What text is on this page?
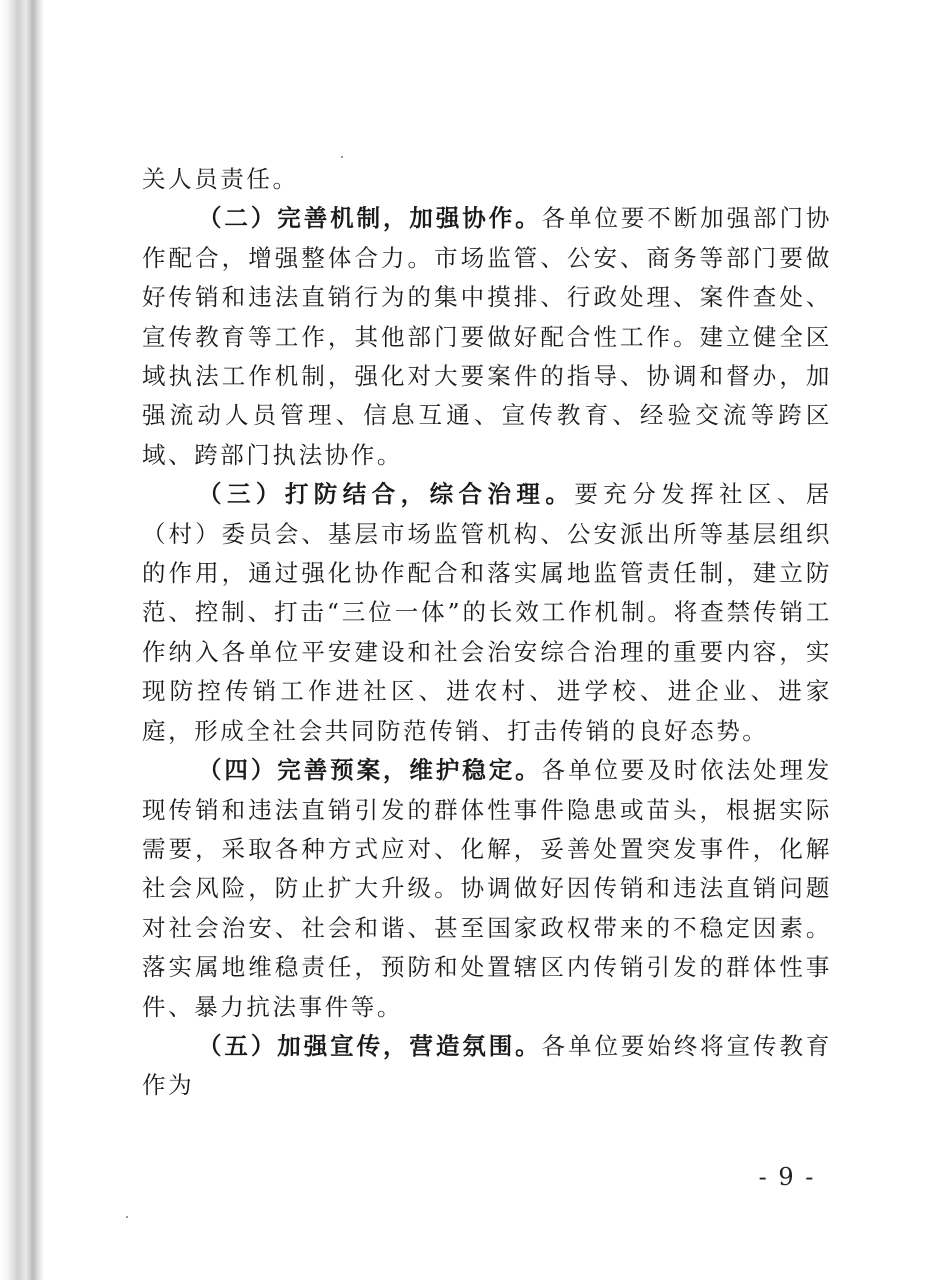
关人员责任。

（二）完善机制，加强协作。各单位要不断加强部门协作配合，增强整体合力。市场监管、公安、商务等部门要做好传销和违法直销行为的集中摸排、行政处理、案件查处、宣传教育等工作，其他部门要做好配合性工作。建立健全区域执法工作机制，强化对大要案件的指导、协调和督办，加强流动人员管理、信息互通、宣传教育、经验交流等跨区域、跨部门执法协作。

（三）打防结合，综合治理。要充分发挥社区、居（村）委员会、基层市场监管机构、公安派出所等基层组织的作用，通过强化协作配合和落实属地监管责任制，建立防范、控制、打击“三位一体”的长效工作机制。将查禁传销工作纳入各单位平安建设和社会治安综合治理的重要内容，实现防控传销工作进社区、进农村、进学校、进企业、进家庭，形成全社会共同防范传销、打击传销的良好态势。

（四）完善预案，维护稳定。各单位要及时依法处理发现传销和违法直销引发的群体性事件隐患或苗头，根据实际需要，采取各种方式应对、化解，妥善处置突发事件，化解社会风险，防止扩大升级。协调做好因传销和违法直销问题对社会治安、社会和谐、甚至国家政权带来的不稳定因素。落实属地维稳责任，预防和处置辖区内传销引发的群体性事件、暴力抗法事件等。

（五）加强宣传，营造氛围。各单位要始终将宣传教育作为

- 9 -
